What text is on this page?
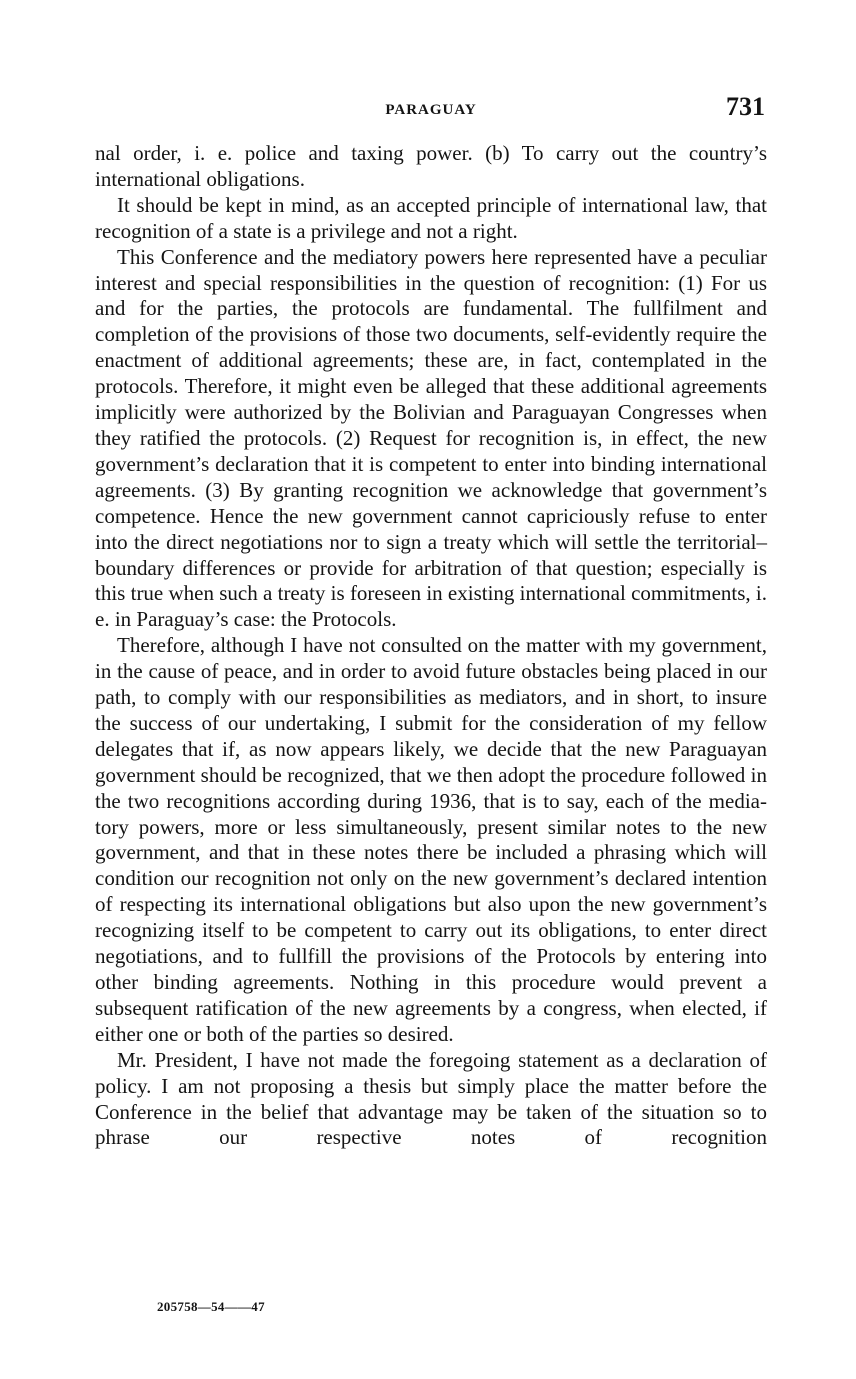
PARAGUAY	731

nal order, i. e. police and taxing power. (b) To carry out the country’s international obligations.

It should be kept in mind, as an accepted principle of international law, that recognition of a state is a privilege and not a right.

This Conference and the mediatory powers here represented have a peculiar interest and special responsibilities in the question of recognition: (1) For us and for the parties, the protocols are fundamental. The fullfilment and completion of the provisions of those two documents, self-evidently require the enactment of additional agreements; these are, in fact, contemplated in the protocols. Therefore, it might even be alleged that these additional agreements implicitly were authorized by the Bolivian and Paraguayan Congresses when they ratified the protocols. (2) Request for recognition is, in effect, the new government’s declaration that it is competent to enter into binding international agreements. (3) By granting recognition we acknowledge that government’s competence. Hence the new government cannot capriciously refuse to enter into the direct negotiations nor to sign a treaty which will settle the territorial–boundary differences or provide for arbitration of that question; especially is this true when such a treaty is foreseen in existing international commitments, i. e. in Paraguay’s case: the Protocols.

Therefore, although I have not consulted on the matter with my government, in the cause of peace, and in order to avoid future obstacles being placed in our path, to comply with our responsibilities as mediators, and in short, to insure the success of our undertaking, I submit for the consideration of my fellow delegates that if, as now appears likely, we decide that the new Paraguayan government should be recognized, that we then adopt the procedure followed in the two recognitions according during 1936, that is to say, each of the mediatory powers, more or less simultaneously, present similar notes to the new government, and that in these notes there be included a phrasing which will condition our recognition not only on the new government’s declared intention of respecting its international obligations but also upon the new government’s recognizing itself to be competent to carry out its obligations, to enter direct negotiations, and to fullfill the provisions of the Protocols by entering into other binding agreements. Nothing in this procedure would prevent a subsequent ratification of the new agreements by a congress, when elected, if either one or both of the parties so desired.

Mr. President, I have not made the foregoing statement as a declaration of policy. I am not proposing a thesis but simply place the matter before the Conference in the belief that advantage may be taken of the situation so to phrase our respective notes of recognition

205758—54——47
